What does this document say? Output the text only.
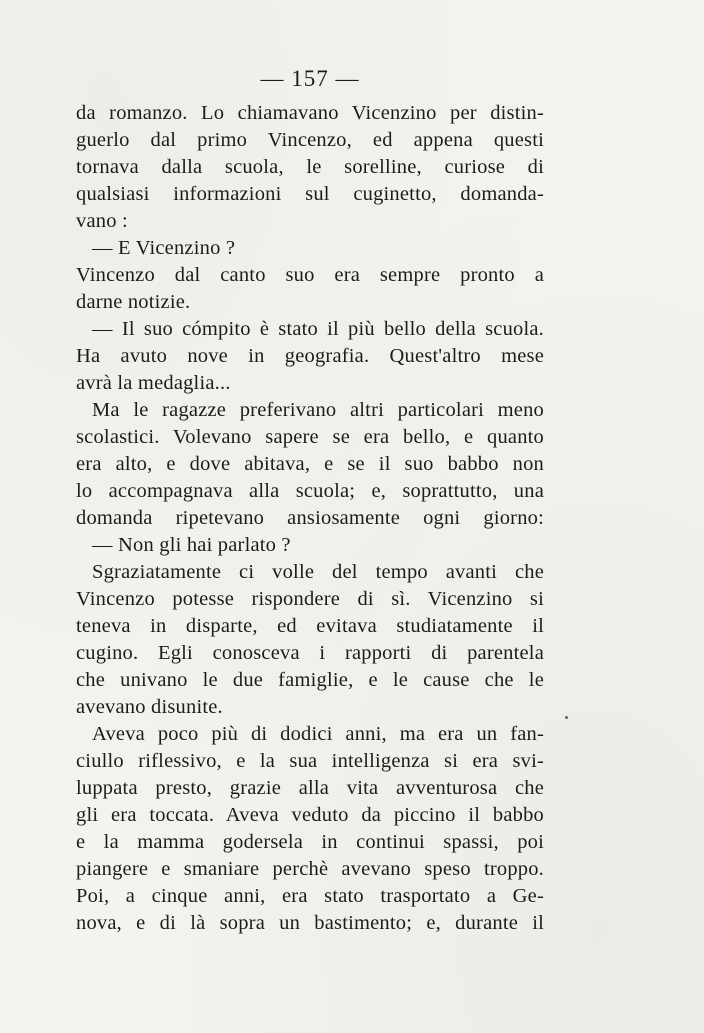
— 157 —
da romanzo. Lo chiamavano Vicenzino per distin-
guerlo dal primo Vincenzo, ed appena questi
tornava dalla scuola, le sorelline, curiose di
qualsiasi informazioni sul cuginetto, domanda-
vano :
— E Vicenzino ?
Vincenzo dal canto suo era sempre pronto a
darne notizie.
— Il suo cómpito è stato il più bello della scuola.
Ha avuto nove in geografia. Quest'altro mese
avrà la medaglia...
Ma le ragazze preferivano altri particolari meno
scolastici. Volevano sapere se era bello, e quanto
era alto, e dove abitava, e se il suo babbo non
lo accompagnava alla scuola; e, soprattutto, una
domanda ripetevano ansiosamente ogni giorno:
— Non gli hai parlato ?
Sgraziatamente ci volle del tempo avanti che
Vincenzo potesse rispondere di sì. Vicenzino si
teneva in disparte, ed evitava studiatamente il
cugino. Egli conosceva i rapporti di parentela
che univano le due famiglie, e le cause che le
avevano disunite.
Aveva poco più di dodici anni, ma era un fan-
ciullo riflessivo, e la sua intelligenza si era svi-
luppata presto, grazie alla vita avventurosa che
gli era toccata. Aveva veduto da piccino il babbo
e la mamma godersela in continui spassi, poi
piangere e smaniare perchè avevano speso troppo.
Poi, a cinque anni, era stato trasportato a Ge-
nova, e di là sopra un bastimento; e, durante il
